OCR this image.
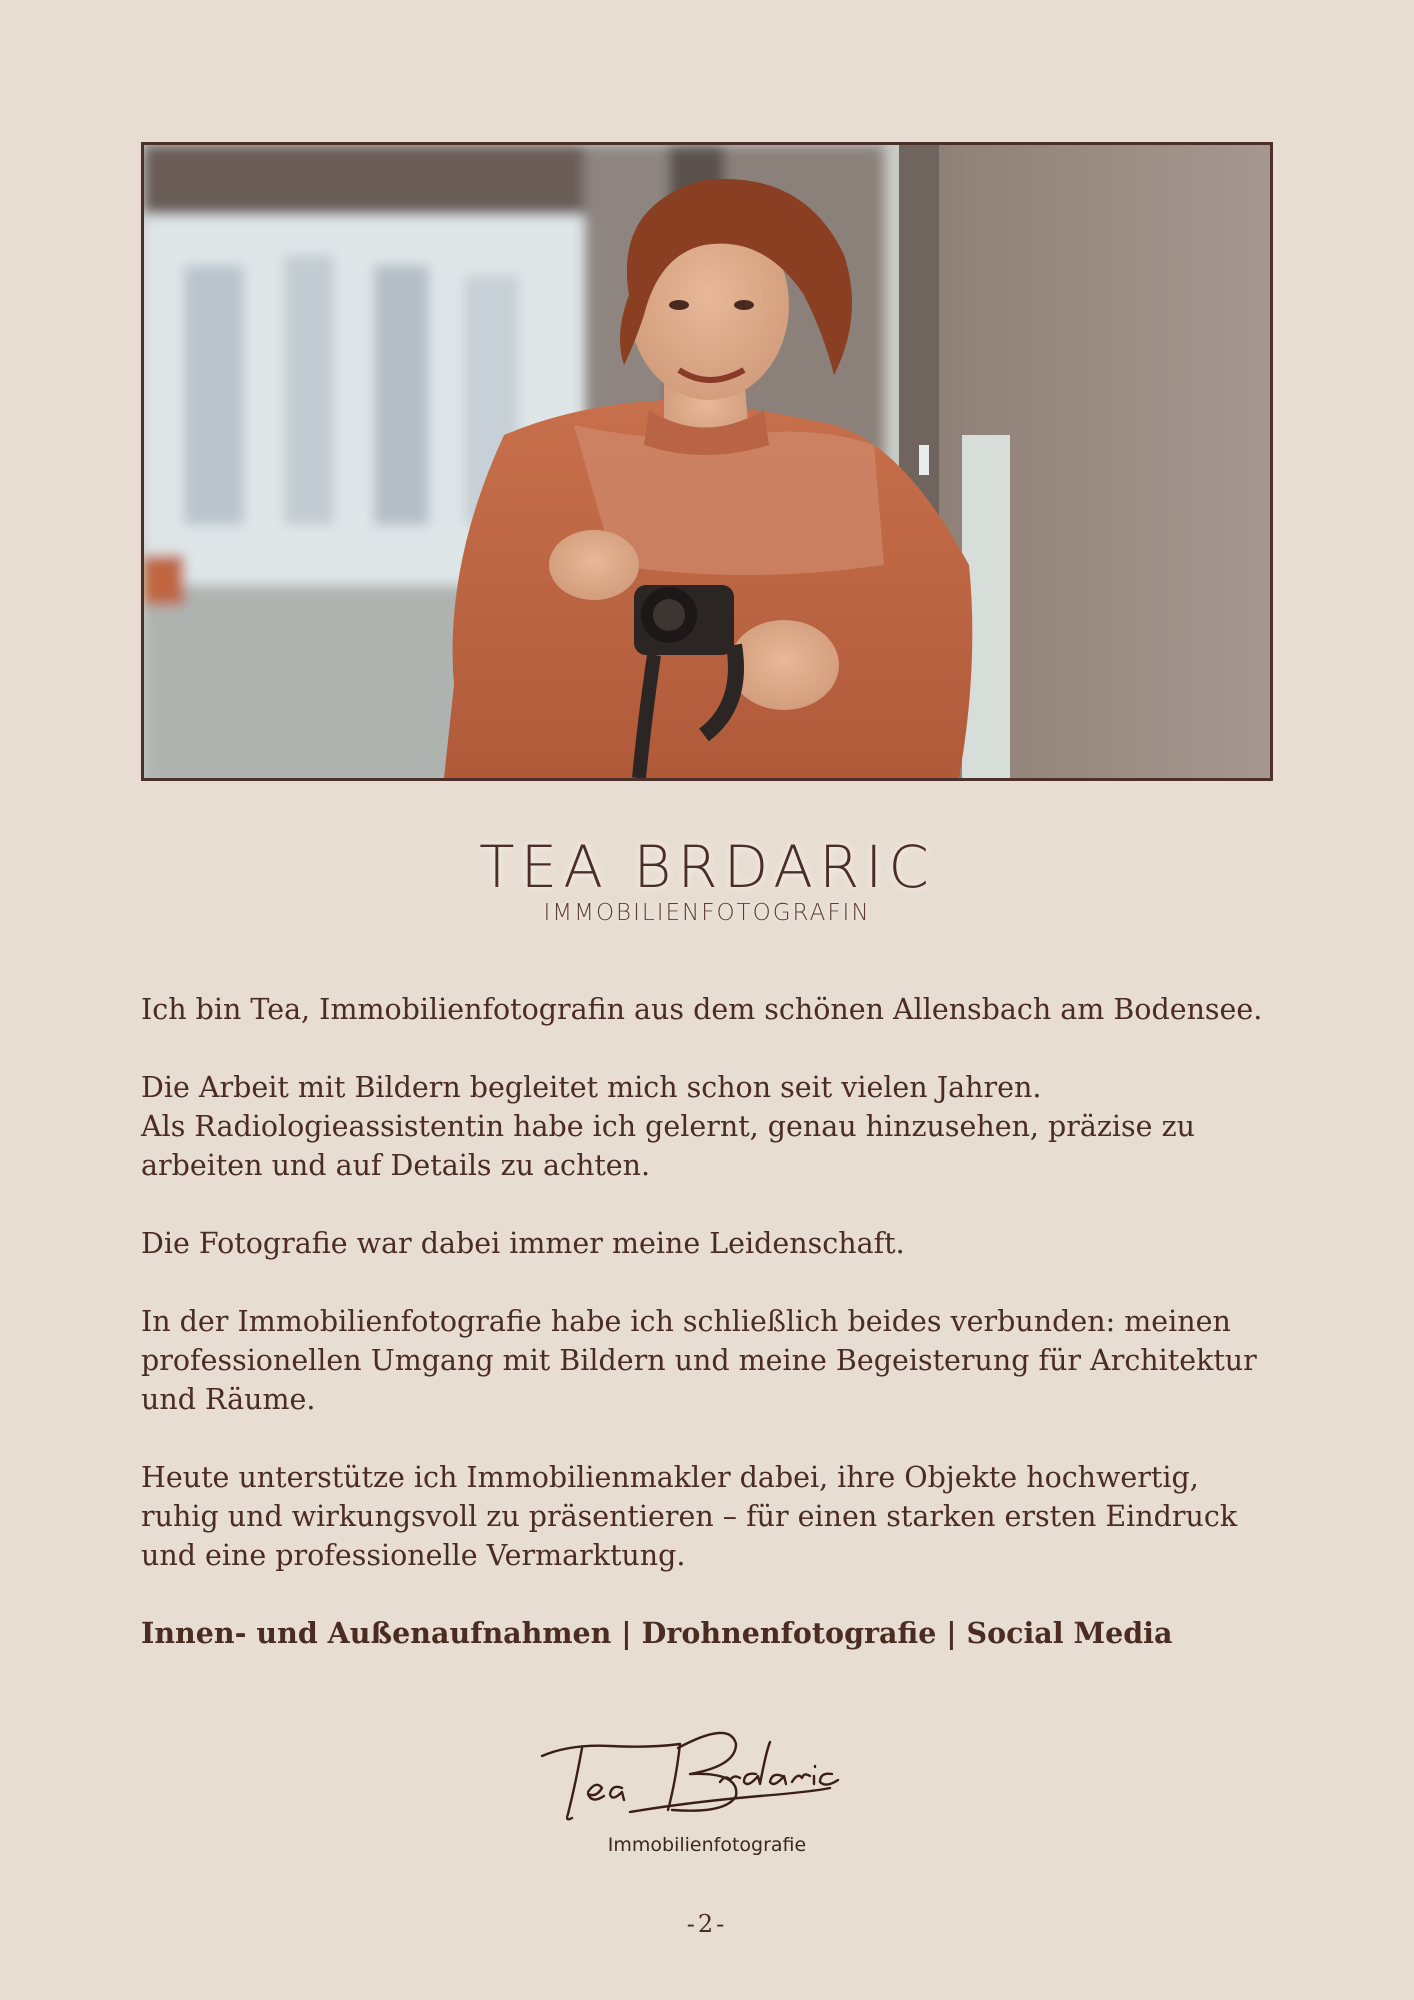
TEA BRDARIC
IMMOBILIENFOTOGRAFIN

Ich bin Tea, Immobilienfotografin aus dem schönen Allensbach am Bodensee.

Die Arbeit mit Bildern begleitet mich schon seit vielen Jahren.
Als Radiologieassistentin habe ich gelernt, genau hinzusehen, präzise zu arbeiten und auf Details zu achten.

Die Fotografie war dabei immer meine Leidenschaft.

In der Immobilienfotografie habe ich schließlich beides verbunden: meinen professionellen Umgang mit Bildern und meine Begeisterung für Architektur und Räume.

Heute unterstütze ich Immobilienmakler dabei, ihre Objekte hochwertig, ruhig und wirkungsvoll zu präsentieren – für einen starken ersten Eindruck und eine professionelle Vermarktung.

Innen- und Außenaufnahmen | Drohnenfotografie | Social Media

Immobilienfotografie
-2-
